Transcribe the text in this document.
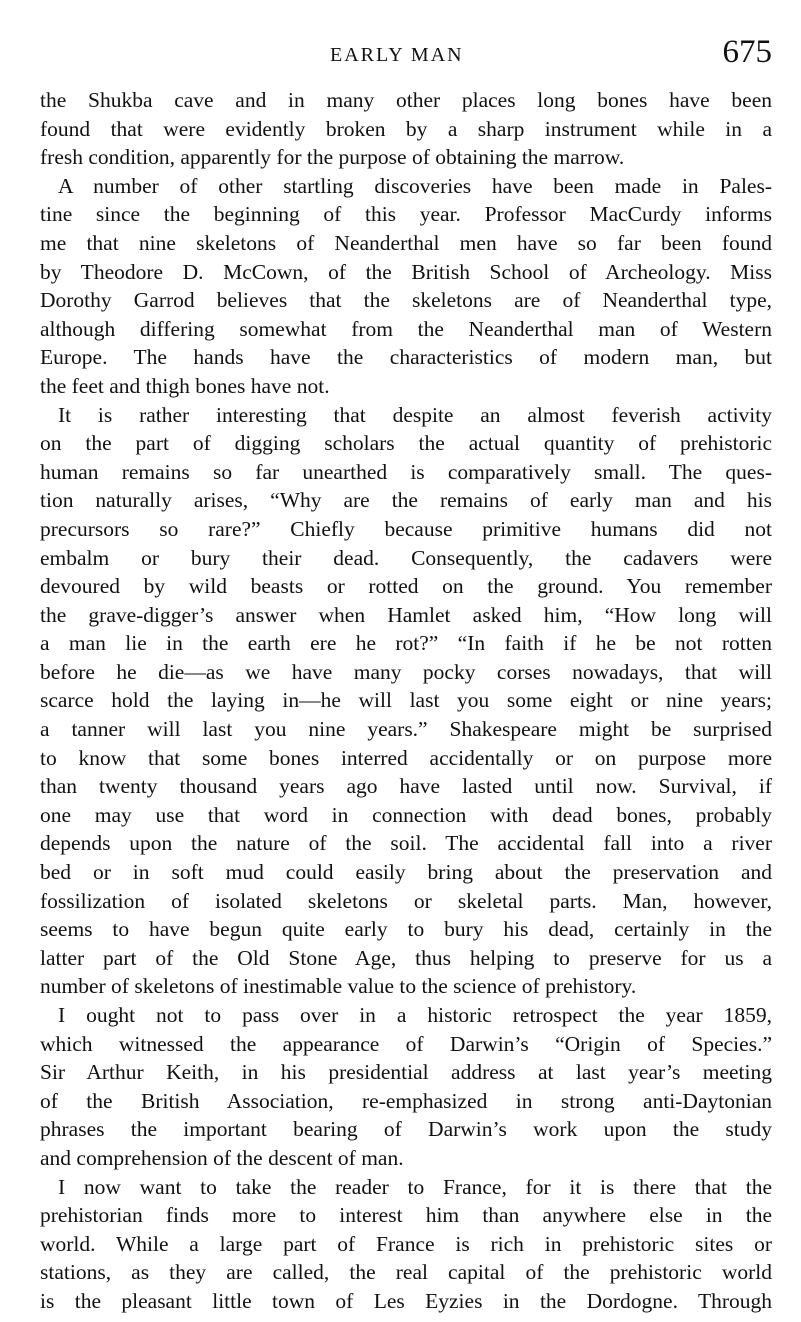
EARLY MAN	675
the Shukba cave and in many other places long bones have been
found that were evidently broken by a sharp instrument while in a
fresh condition, apparently for the purpose of obtaining the marrow.
A number of other startling discoveries have been made in Pales-
tine since the beginning of this year. Professor MacCurdy informs
me that nine skeletons of Neanderthal men have so far been found
by Theodore D. McCown, of the British School of Archeology. Miss
Dorothy Garrod believes that the skeletons are of Neanderthal type,
although differing somewhat from the Neanderthal man of Western
Europe. The hands have the characteristics of modern man, but
the feet and thigh bones have not.
It is rather interesting that despite an almost feverish activity
on the part of digging scholars the actual quantity of prehistoric
human remains so far unearthed is comparatively small. The ques-
tion naturally arises, “Why are the remains of early man and his
precursors so rare?” Chiefly because primitive humans did not
embalm or bury their dead. Consequently, the cadavers were
devoured by wild beasts or rotted on the ground. You remember
the grave-digger’s answer when Hamlet asked him, “How long will
a man lie in the earth ere he rot?” “In faith if he be not rotten
before he die—as we have many pocky corses nowadays, that will
scarce hold the laying in—he will last you some eight or nine years;
a tanner will last you nine years.” Shakespeare might be surprised
to know that some bones interred accidentally or on purpose more
than twenty thousand years ago have lasted until now. Survival, if
one may use that word in connection with dead bones, probably
depends upon the nature of the soil. The accidental fall into a river
bed or in soft mud could easily bring about the preservation and
fossilization of isolated skeletons or skeletal parts. Man, however,
seems to have begun quite early to bury his dead, certainly in the
latter part of the Old Stone Age, thus helping to preserve for us a
number of skeletons of inestimable value to the science of prehistory.
I ought not to pass over in a historic retrospect the year 1859,
which witnessed the appearance of Darwin’s “Origin of Species.”
Sir Arthur Keith, in his presidential address at last year’s meeting
of the British Association, re-emphasized in strong anti-Daytonian
phrases the important bearing of Darwin’s work upon the study
and comprehension of the descent of man.
I now want to take the reader to France, for it is there that the
prehistorian finds more to interest him than anywhere else in the
world. While a large part of France is rich in prehistoric sites or
stations, as they are called, the real capital of the prehistoric world
is the pleasant little town of Les Eyzies in the Dordogne. Through
